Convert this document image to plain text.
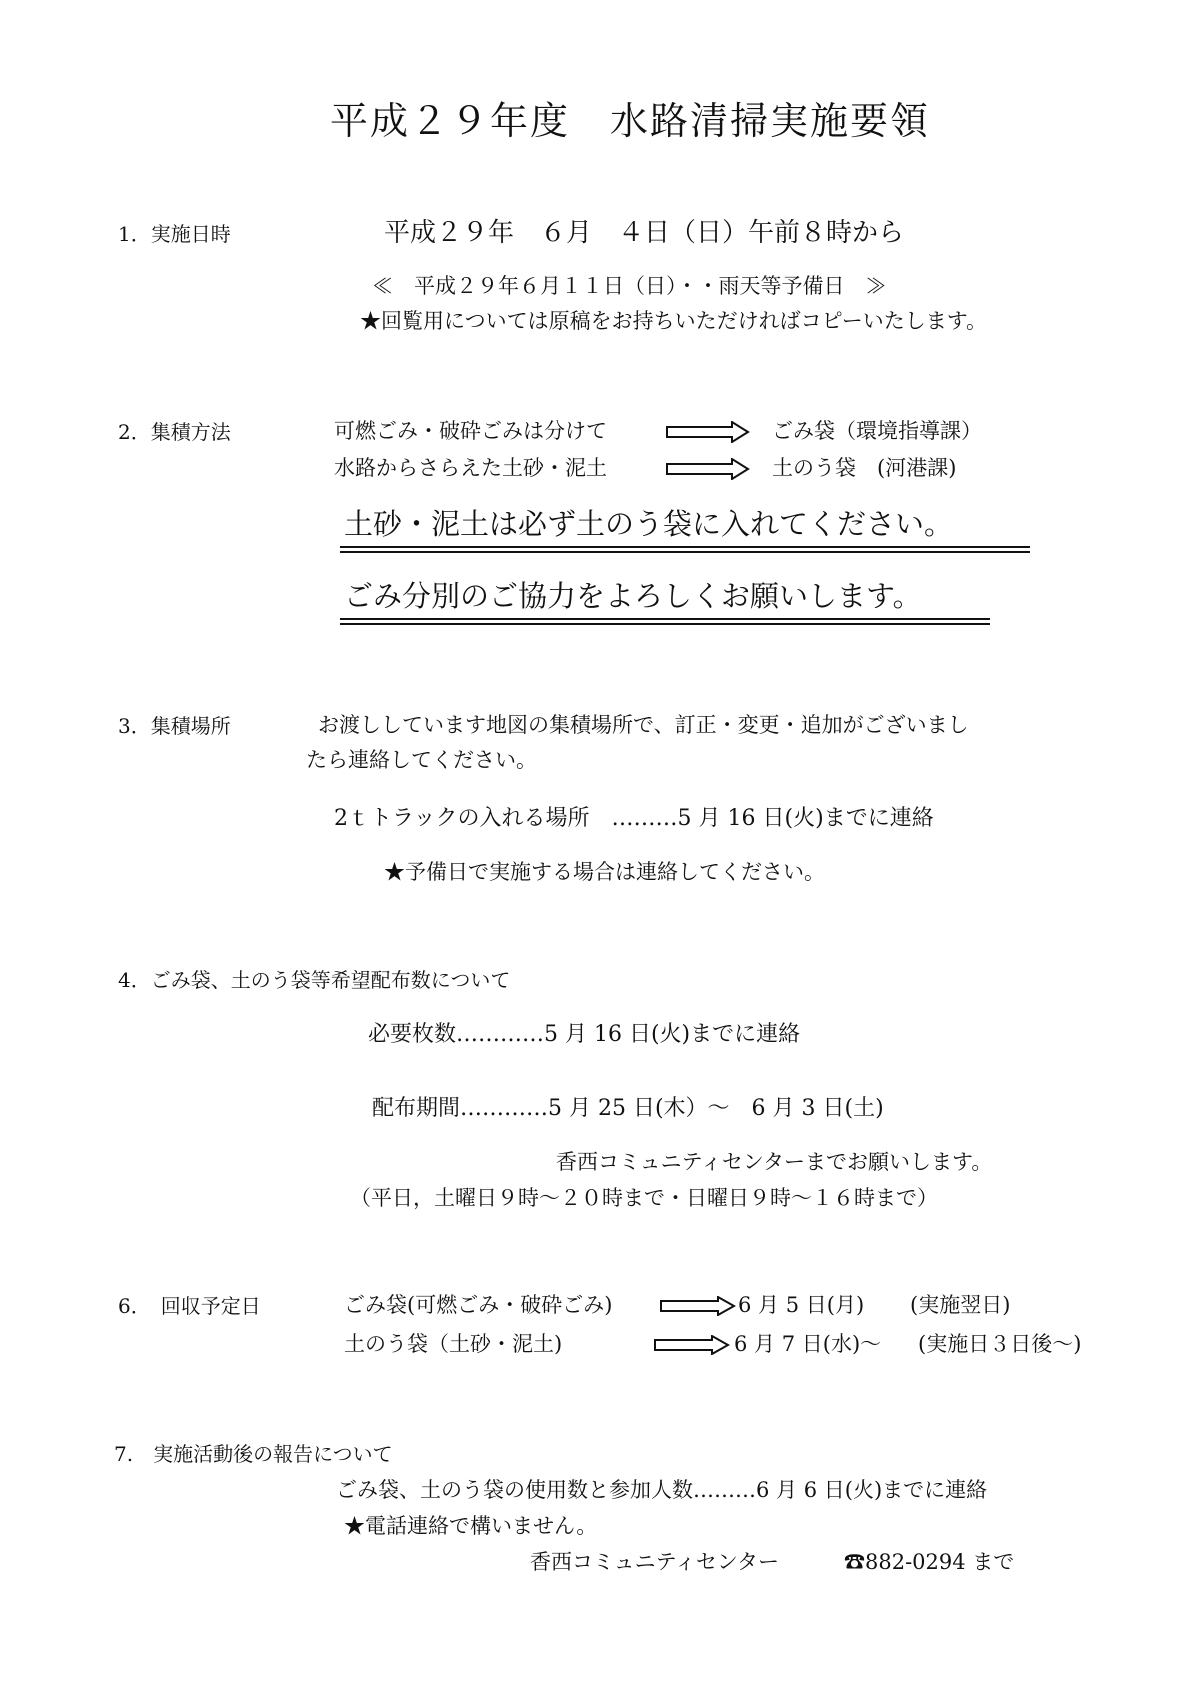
平成２９年度　水路清掃実施要領
1．実施日時	平成２９年　６月　４日（日）午前８時から
≪　平成２９年６月１１日（日）・・雨天等予備日　≫
★回覧用については原稿をお持ちいただければコピーいたします。
2．集積方法	可燃ごみ・破砕ごみは分けて	ごみ袋（環境指導課）
水路からさらえた土砂・泥土	土のう袋　(河港課)
土砂・泥土は必ず土のう袋に入れてください。
ごみ分別のご協力をよろしくお願いします。
3．集積場所	お渡ししています地図の集積場所で、訂正・変更・追加がございまし
たら連絡してください。
2ｔトラックの入れる場所　………5 月 16 日(火)までに連絡
★予備日で実施する場合は連絡してください。
4．ごみ袋、土のう袋等希望配布数について
必要枚数…………5 月 16 日(火)までに連絡
配布期間…………5 月 25 日(木）～　6 月 3 日(土)
香西コミュニティセンターまでお願いします。
（平日，土曜日９時～２０時まで・日曜日９時～１６時まで）
6．　回収予定日	ごみ袋(可燃ごみ・破砕ごみ)	6 月 5 日(月) (実施翌日)
土のう袋（土砂・泥土)	6 月 7 日(水)～ (実施日３日後～)
7.　実施活動後の報告について
ごみ袋、土のう袋の使用数と参加人数………6 月 6 日(火)までに連絡
★電話連絡で構いません。
香西コミュニティセンター	☎882-0294 まで
